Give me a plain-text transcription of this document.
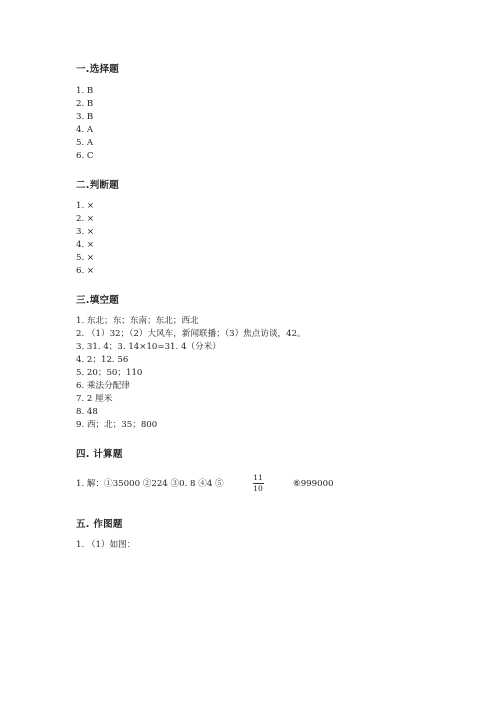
一.选择题
1. B
2. B
3. B
4. A
5. A
6. C
二.判断题
1. ×
2. ×
3. ×
4. ×
5. ×
6. ×
三.填空题
1. 东北；东；东南；东北；西北
2. （1）32；（2）大风车，新闻联播；（3）焦点访谈，42。
3. 31. 4；3. 14×10=31. 4（分米）
4. 2；12. 56
5. 20；50；110
6. 乘法分配律
7. 2 厘米
8. 48
9. 西；北；35；800
四. 计算题
1. 解：①35000 ②224 ③0. 8 ④4 ⑤
11
10	⑥999000
五. 作图题
1. （1）如图：
